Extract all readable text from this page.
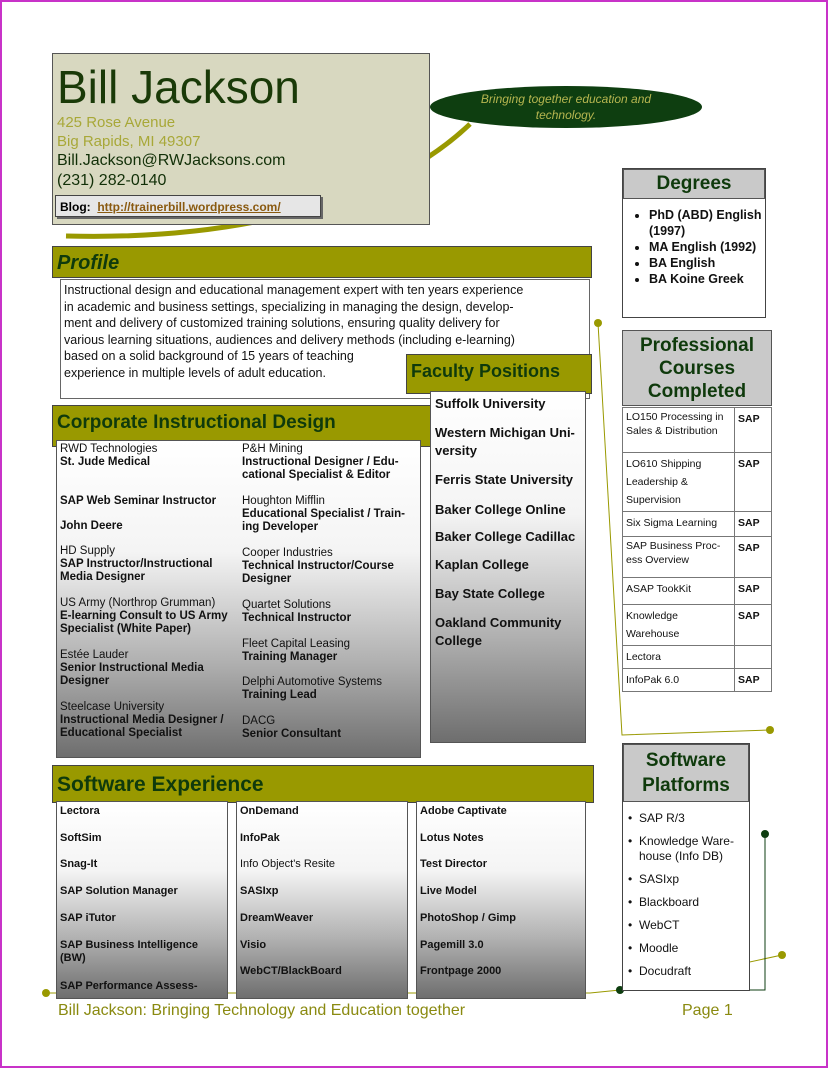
Bill Jackson
425 Rose Avenue
Big Rapids, MI 49307
Bill.Jackson@RWJacksons.com
(231) 282-0140
Blog: http://trainerbill.wordpress.com/
Bringing together education and
technology.
Profile
Instructional design and educational management expert with ten years experience
in academic and business settings, specializing in managing the design, develop-
ment and delivery of customized training solutions, ensuring quality delivery for
various learning situations, audiences and delivery methods (including e-learning)
based on a solid background of 15 years of teaching
experience in multiple levels of adult education.	Faculty Positions
Corporate Instructional Design
RWD Technologies
St. Jude Medical
SAP Web Seminar Instructor
John Deere
HD Supply
SAP Instructor/Instructional Media Designer
US Army (Northrop Grumman)
E-learning Consult to US Army Specialist (White Paper)
Estée Lauder
Senior Instructional Media Designer
Steelcase University
Instructional Media Designer / Educational Specialist
P&H Mining
Instructional Designer / Edu-cational Specialist & Editor
Houghton Mifflin
Educational Specialist / Train-ing Developer
Cooper Industries
Technical Instructor/Course Designer
Quartet Solutions
Technical Instructor
Fleet Capital Leasing
Training Manager
Delphi Automotive Systems
Training Lead
DACG
Senior Consultant
Suffolk University
Western Michigan Uni-versity
Ferris State University
Baker College Online
Baker College Cadillac
Kaplan College
Bay State College
Oakland Community College
Software Experience
Lectora
SoftSim
Snag-It
SAP Solution Manager
SAP iTutor
SAP Business Intelligence (BW)
SAP Performance Assess-
OnDemand
InfoPak
Info Object's Resite
SASIxp
DreamWeaver
Visio
WebCT/BlackBoard
Adobe Captivate
Lotus Notes
Test Director
Live Model
PhotoShop / Gimp
Pagemill 3.0
Frontpage 2000
Degrees
• PhD (ABD) English (1997)
• MA English (1992)
• BA English
• BA Koine Greek
Professional
Courses
Completed
LO150 Processing in Sales & Distribution	SAP
LO610 Shipping Leadership & Supervision	SAP
Six Sigma Learning	SAP
SAP Business Proc-ess Overview	SAP
ASAP TookKit	SAP
Knowledge Warehouse	SAP
Lectora	
InfoPak 6.0	SAP
Software
Platforms
• SAP R/3
• Knowledge Ware-house (Info DB)
• SASIxp
• Blackboard
• WebCT
• Moodle
• Docudraft
Bill Jackson: Bringing Technology and Education together	Page 1
